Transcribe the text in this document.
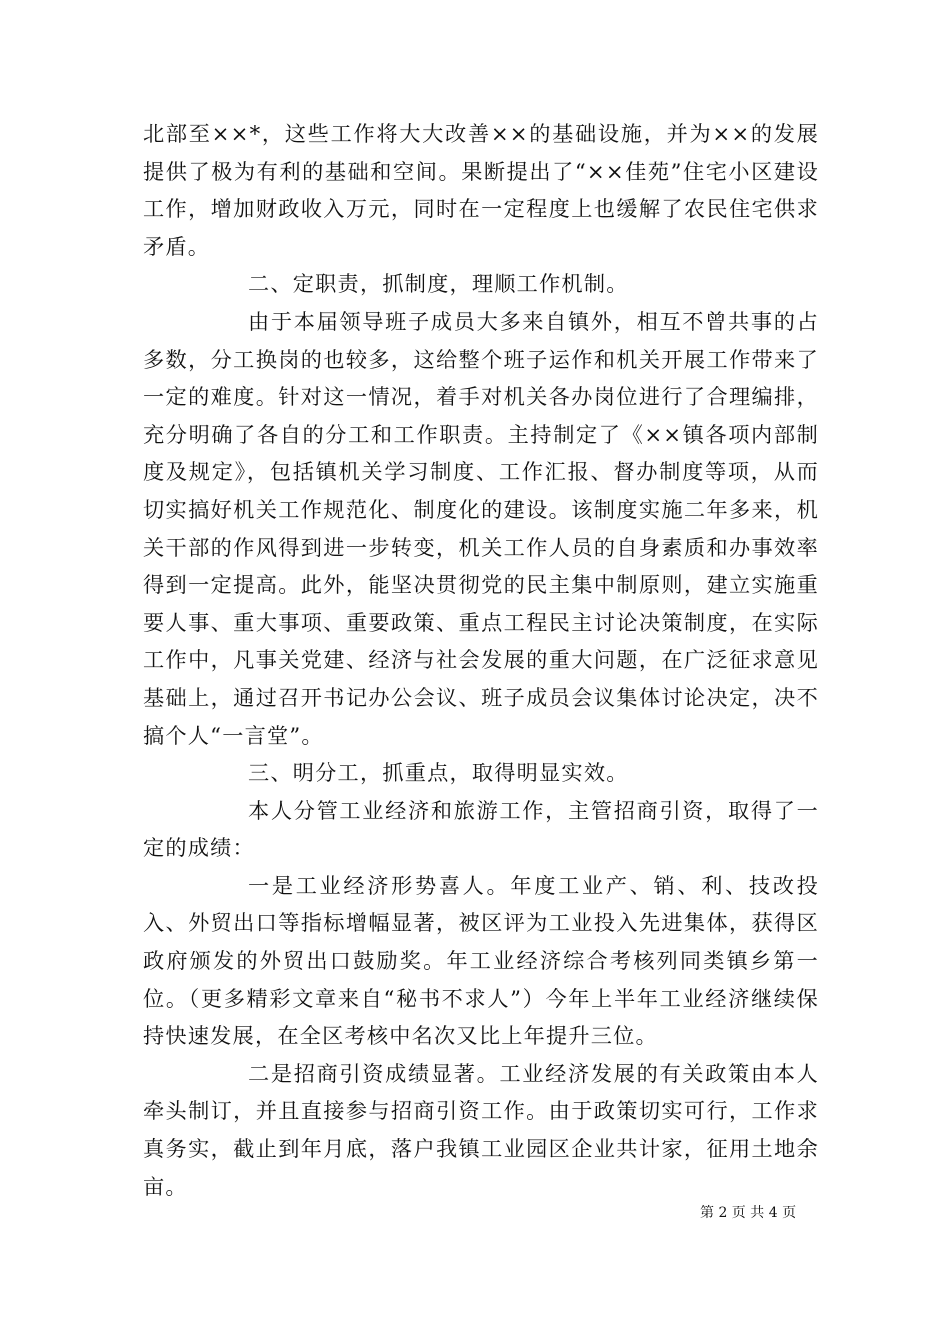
北部至××*，这些工作将大大改善××的基础设施，并为××的发展提供了极为有利的基础和空间。果断提出了“××佳苑”住宅小区建设工作，增加财政收入万元，同时在一定程度上也缓解了农民住宅供求矛盾。

二、定职责，抓制度，理顺工作机制。

由于本届领导班子成员大多来自镇外，相互不曾共事的占多数，分工换岗的也较多，这给整个班子运作和机关开展工作带来了一定的难度。针对这一情况，着手对机关各办岗位进行了合理编排，充分明确了各自的分工和工作职责。主持制定了《××镇各项内部制度及规定》，包括镇机关学习制度、工作汇报、督办制度等项，从而切实搞好机关工作规范化、制度化的建设。该制度实施二年多来，机关干部的作风得到进一步转变，机关工作人员的自身素质和办事效率得到一定提高。此外，能坚决贯彻党的民主集中制原则，建立实施重要人事、重大事项、重要政策、重点工程民主讨论决策制度，在实际工作中，凡事关党建、经济与社会发展的重大问题，在广泛征求意见基础上，通过召开书记办公会议、班子成员会议集体讨论决定，决不搞个人“一言堂”。

三、明分工，抓重点，取得明显实效。

本人分管工业经济和旅游工作，主管招商引资，取得了一定的成绩：

一是工业经济形势喜人。年度工业产、销、利、技改投入、外贸出口等指标增幅显著，被区评为工业投入先进集体，获得区政府颁发的外贸出口鼓励奖。年工业经济综合考核列同类镇乡第一位。（更多精彩文章来自“秘书不求人”）今年上半年工业经济继续保持快速发展，在全区考核中名次又比上年提升三位。

二是招商引资成绩显著。工业经济发展的有关政策由本人牵头制订，并且直接参与招商引资工作。由于政策切实可行，工作求真务实，截止到年月底，落户我镇工业园区企业共计家，征用土地余亩。

第 2 页 共 4 页
